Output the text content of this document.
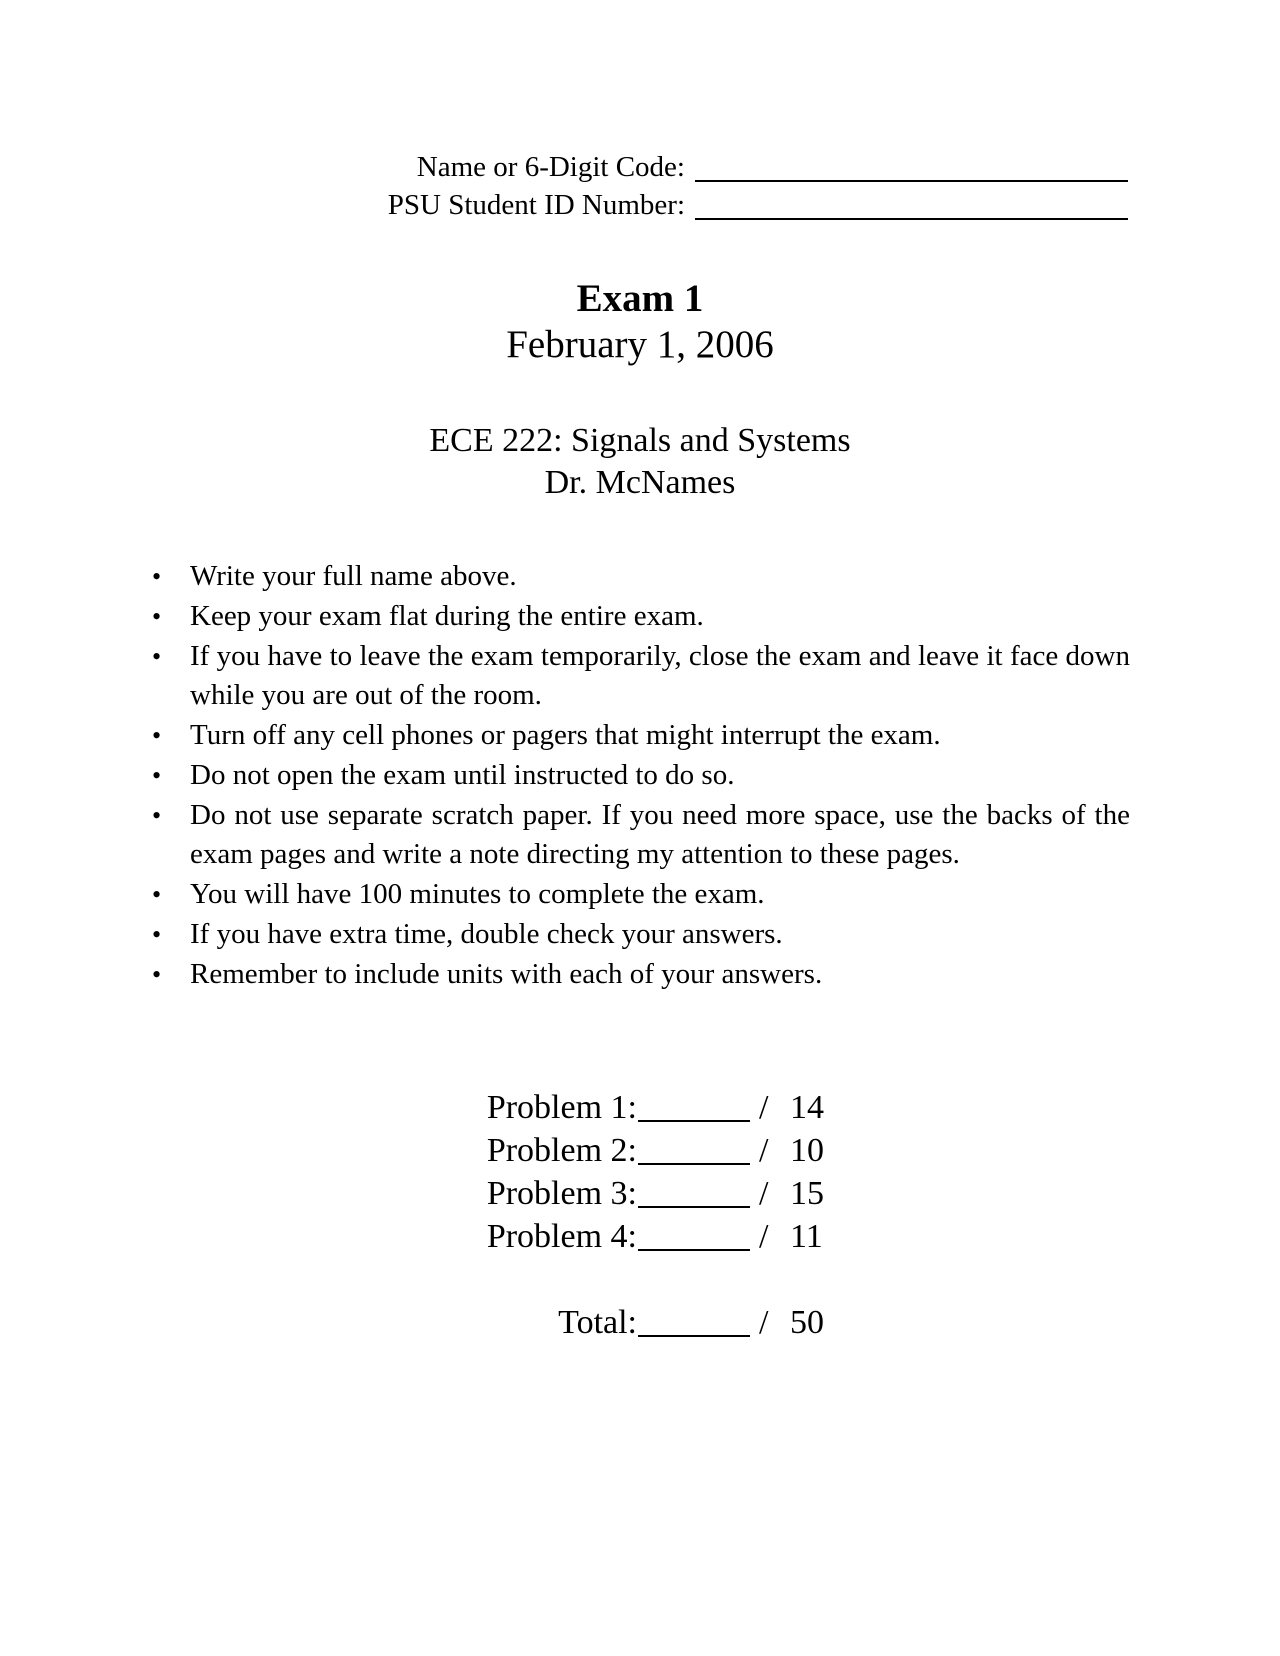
Name or 6-Digit Code:
PSU Student ID Number:
Exam 1
February 1, 2006
ECE 222: Signals and Systems
Dr. McNames
• Write your full name above.
• Keep your exam flat during the entire exam.
• If you have to leave the exam temporarily, close the exam and leave it face down while you are out of the room.
• Turn off any cell phones or pagers that might interrupt the exam.
• Do not open the exam until instructed to do so.
• Do not use separate scratch paper. If you need more space, use the backs of the exam pages and write a note directing my attention to these pages.
• You will have 100 minutes to complete the exam.
• If you have extra time, double check your answers.
• Remember to include units with each of your answers.
Problem 1:	/ 14
Problem 2:	/ 10
Problem 3:	/ 15
Problem 4:	/ 11
Total:	/ 50
